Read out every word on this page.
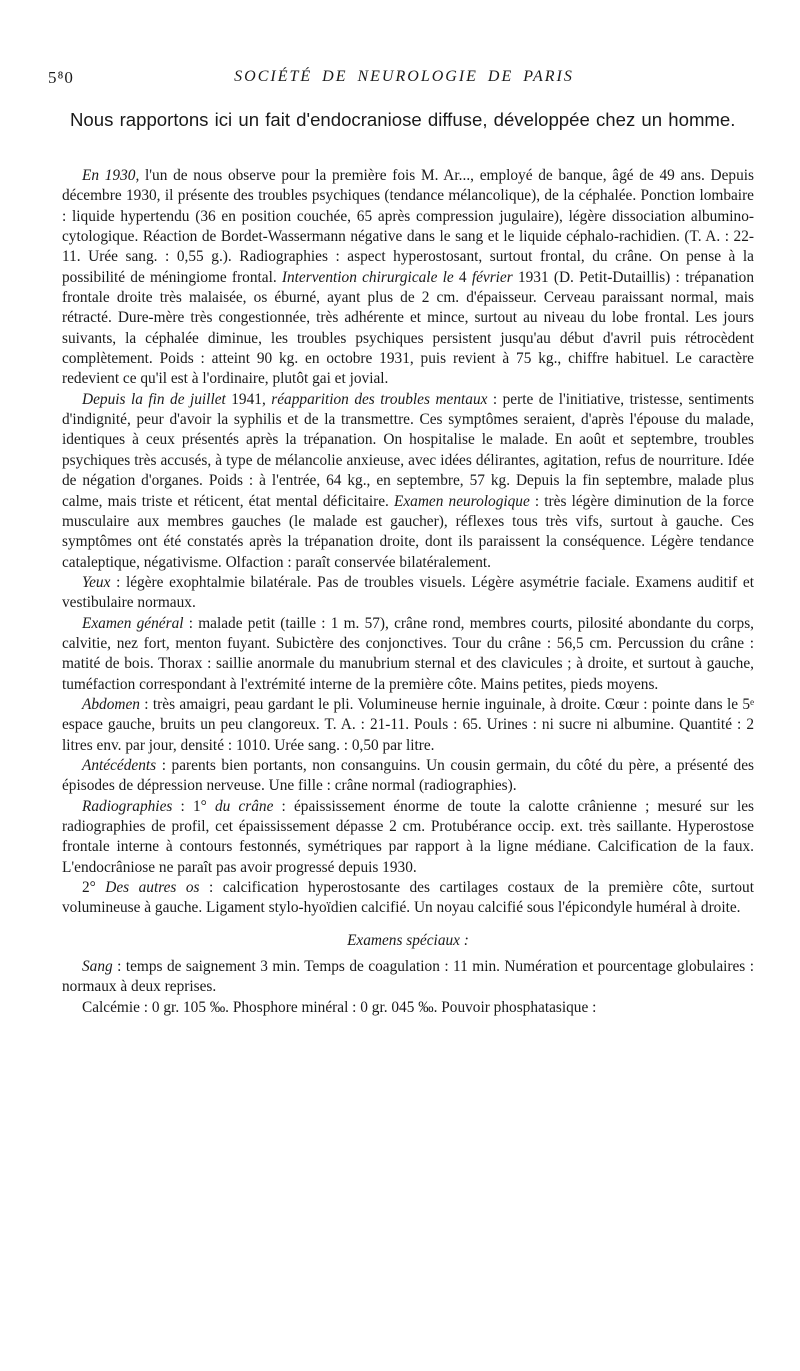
5⁸0	SOCIÉTÉ DE NEUROLOGIE DE PARIS

Nous rapportons ici un fait d'endocraniose diffuse, développée chez un homme.

En 1930, l'un de nous observe pour la première fois M. Ar..., employé de banque, âgé de 49 ans. Depuis décembre 1930, il présente des troubles psychiques (tendance mélancolique), de la céphalée. Ponction lombaire : liquide hypertendu (36 en position couchée, 65 après compression jugulaire), légère dissociation albumino-cytologique. Réaction de Bordet-Wassermann négative dans le sang et le liquide céphalo-rachidien. (T. A. : 22-11. Urée sang. : 0,55 g.). Radiographies : aspect hyperostosant, surtout frontal, du crâne. On pense à la possibilité de méningiome frontal. Intervention chirurgicale le 4 février 1931 (D. Petit-Dutaillis) : trépanation frontale droite très malaisée, os éburné, ayant plus de 2 cm. d'épaisseur. Cerveau paraissant normal, mais rétracté. Dure-mère très congestionnée, très adhérente et mince, surtout au niveau du lobe frontal. Les jours suivants, la céphalée diminue, les troubles psychiques persistent jusqu'au début d'avril puis rétrocèdent complètement. Poids : atteint 90 kg. en octobre 1931, puis revient à 75 kg., chiffre habituel. Le caractère redevient ce qu'il est à l'ordinaire, plutôt gai et jovial.

Depuis la fin de juillet 1941, réapparition des troubles mentaux : perte de l'initiative, tristesse, sentiments d'indignité, peur d'avoir la syphilis et de la transmettre. Ces symptômes seraient, d'après l'épouse du malade, identiques à ceux présentés après la trépanation. On hospitalise le malade. En août et septembre, troubles psychiques très accusés, à type de mélancolie anxieuse, avec idées délirantes, agitation, refus de nourriture. Idée de négation d'organes. Poids : à l'entrée, 64 kg., en septembre, 57 kg. Depuis la fin septembre, malade plus calme, mais triste et réticent, état mental déficitaire. Examen neurologique : très légère diminution de la force musculaire aux membres gauches (le malade est gaucher), réflexes tous très vifs, surtout à gauche. Ces symptômes ont été constatés après la trépanation droite, dont ils paraissent la conséquence. Légère tendance cataleptique, négativisme. Olfaction : paraît conservée bilatéralement.

Yeux : légère exophtalmie bilatérale. Pas de troubles visuels. Légère asymétrie faciale. Examens auditif et vestibulaire normaux.

Examen général : malade petit (taille : 1 m. 57), crâne rond, membres courts, pilosité abondante du corps, calvitie, nez fort, menton fuyant. Subictère des conjonctives. Tour du crâne : 56,5 cm. Percussion du crâne : matité de bois. Thorax : saillie anormale du manubrium sternal et des clavicules ; à droite, et surtout à gauche, tuméfaction correspondant à l'extrémité interne de la première côte. Mains petites, pieds moyens.

Abdomen : très amaigri, peau gardant le pli. Volumineuse hernie inguinale, à droite. Cœur : pointe dans le 5ᵉ espace gauche, bruits un peu clangoreux. T. A. : 21-11. Pouls : 65. Urines : ni sucre ni albumine. Quantité : 2 litres env. par jour, densité : 1010. Urée sang. : 0,50 par litre.

Antécédents : parents bien portants, non consanguins. Un cousin germain, du côté du père, a présenté des épisodes de dépression nerveuse. Une fille : crâne normal (radiographies).

Radiographies : 1° du crâne : épaississement énorme de toute la calotte crânienne ; mesuré sur les radiographies de profil, cet épaississement dépasse 2 cm. Protubérance occip. ext. très saillante. Hyperostose frontale interne à contours festonnés, symétriques par rapport à la ligne médiane. Calcification de la faux. L'endocrâniose ne paraît pas avoir progressé depuis 1930.

2° Des autres os : calcification hyperostosante des cartilages costaux de la première côte, surtout volumineuse à gauche. Ligament stylo-hyoïdien calcifié. Un noyau calcifié sous l'épicondyle huméral à droite.

Examens spéciaux :

Sang : temps de saignement 3 min. Temps de coagulation : 11 min. Numération et pourcentage globulaires : normaux à deux reprises.

Calcémie : 0 gr. 105 ‰. Phosphore minéral : 0 gr. 045 ‰. Pouvoir phosphatasique :
